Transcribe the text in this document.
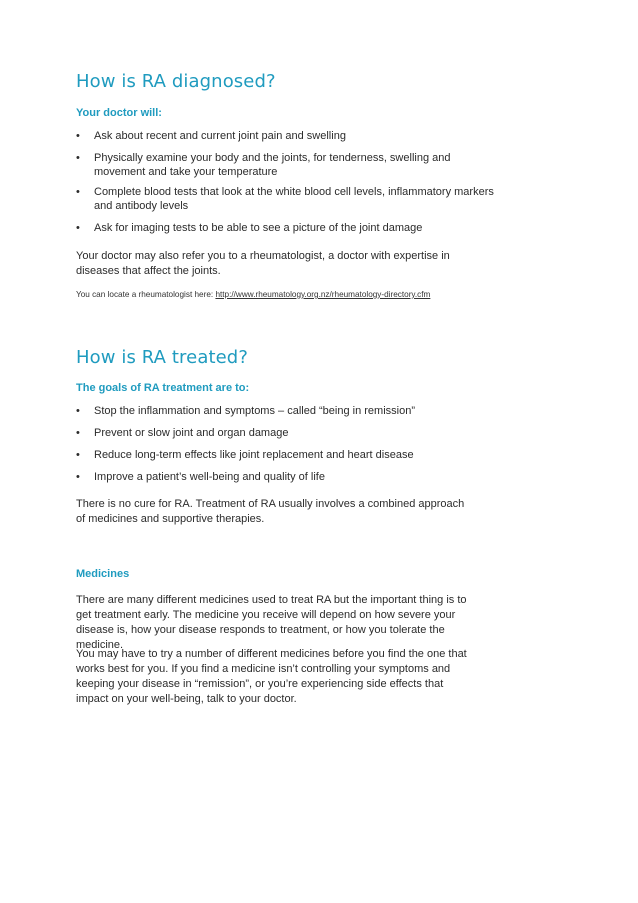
How is RA diagnosed?

Your doctor will:

• Ask about recent and current joint pain and swelling
• Physically examine your body and the joints, for tenderness, swelling and movement and take your temperature
• Complete blood tests that look at the white blood cell levels, inflammatory markers and antibody levels
• Ask for imaging tests to be able to see a picture of the joint damage

Your doctor may also refer you to a rheumatologist, a doctor with expertise in diseases that affect the joints.

You can locate a rheumatologist here: http://www.rheumatology.org.nz/rheumatology-directory.cfm

How is RA treated?

The goals of RA treatment are to:

• Stop the inflammation and symptoms – called “being in remission”
• Prevent or slow joint and organ damage
• Reduce long-term effects like joint replacement and heart disease
• Improve a patient’s well-being and quality of life

There is no cure for RA. Treatment of RA usually involves a combined approach of medicines and supportive therapies.

Medicines

There are many different medicines used to treat RA but the important thing is to get treatment early. The medicine you receive will depend on how severe your disease is, how your disease responds to treatment, or how you tolerate the medicine.

You may have to try a number of different medicines before you find the one that works best for you. If you find a medicine isn’t controlling your symptoms and keeping your disease in “remission”, or you’re experiencing side effects that impact on your well-being, talk to your doctor.
